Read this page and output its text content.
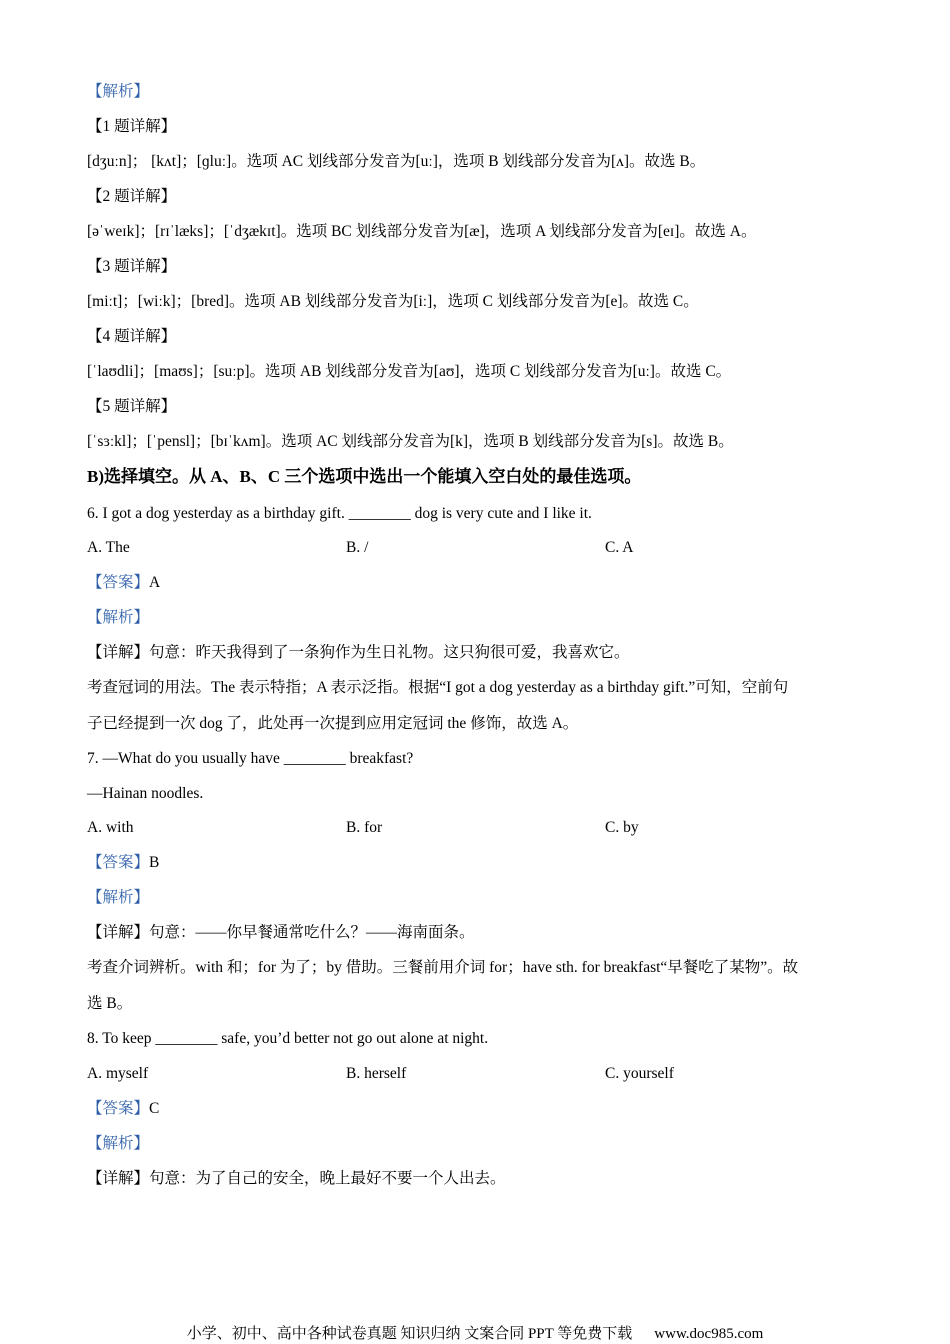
【解析】
【1 题详解】
[dʒuːn]； [kʌt]；[ɡluː]。选项 AC 划线部分发音为[uː]，选项 B 划线部分发音为[ʌ]。故选 B。
【2 题详解】
[əˈweɪk]；[rɪˈlæks]；[ˈdʒækɪt]。选项 BC 划线部分发音为[æ]，选项 A 划线部分发音为[eɪ]。故选 A。
【3 题详解】
[miːt]；[wiːk]；[bred]。选项 AB 划线部分发音为[iː]，选项 C 划线部分发音为[e]。故选 C。
【4 题详解】
[ˈlaʊdli]；[maʊs]；[suːp]。选项 AB 划线部分发音为[aʊ]，选项 C 划线部分发音为[uː]。故选 C。
【5 题详解】
[ˈsɜːkl]；[ˈpensl]；[bɪˈkʌm]。选项 AC 划线部分发音为[k]，选项 B 划线部分发音为[s]。故选 B。
B)选择填空。从 A、B、C 三个选项中选出一个能填入空白处的最佳选项。
6. I got a dog yesterday as a birthday gift. ________ dog is very cute and I like it.
A. The	B. /	C. A
【答案】A
【解析】
【详解】句意：昨天我得到了一条狗作为生日礼物。这只狗很可爱，我喜欢它。
考查冠词的用法。The 表示特指；A 表示泛指。根据“I got a dog yesterday as a birthday gift.”可知，空前句
子已经提到一次 dog 了，此处再一次提到应用定冠词 the 修饰，故选 A。
7. —What do you usually have ________ breakfast?
—Hainan noodles.
A. with	B. for	C. by
【答案】B
【解析】
【详解】句意：——你早餐通常吃什么？——海南面条。
考查介词辨析。with 和；for 为了；by 借助。三餐前用介词 for；have sth. for breakfast“早餐吃了某物”。故
选 B。
8. To keep ________ safe, you’d better not go out alone at night.
A. myself	B. herself	C. yourself
【答案】C
【解析】
【详解】句意：为了自己的安全，晚上最好不要一个人出去。
小学、初中、高中各种试卷真题 知识归纳 文案合同 PPT 等免费下载 www.doc985.com
